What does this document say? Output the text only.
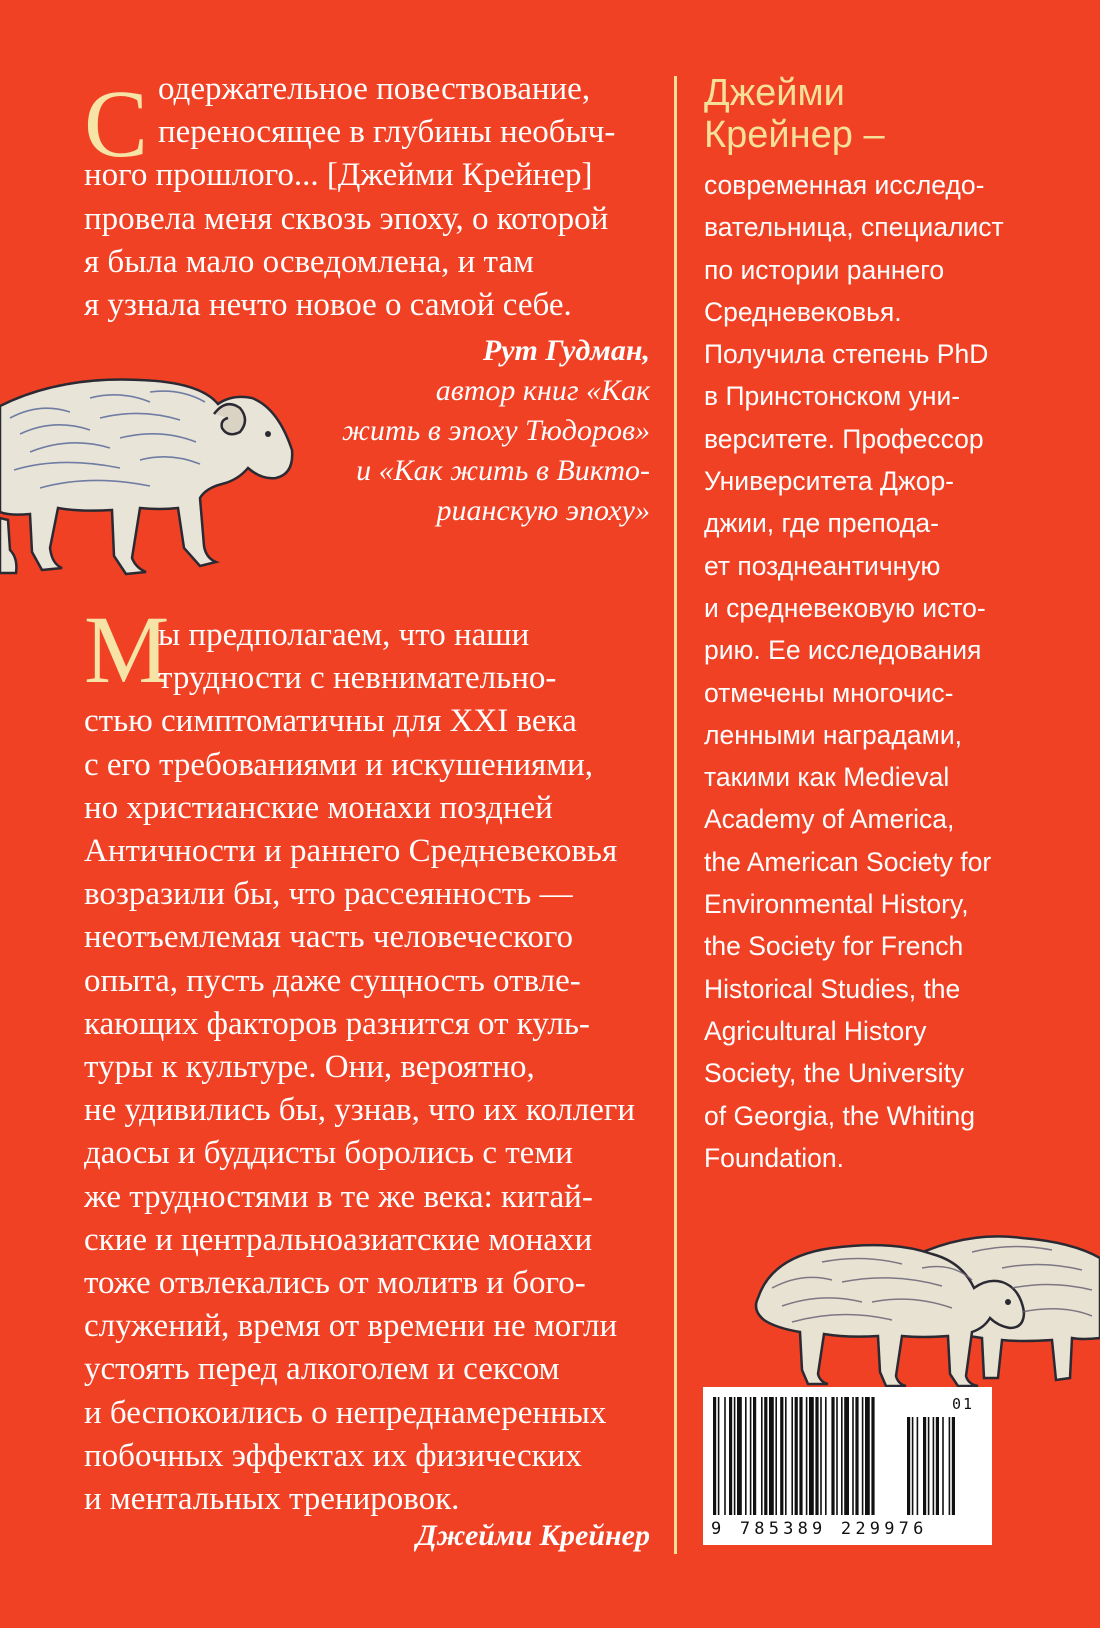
С одержательное повествование,
переносящее в глубины необыч-
ного прошлого... [Джейми Крейнер]
провела меня сквозь эпоху, о которой
я была мало осведомлена, и там
я узнала нечто новое о самой себе.

Рут Гудман,
автор книг «Как
жить в эпоху Тюдоров»
и «Как жить в Викто-
рианскую эпоху»

М

ы предполагаем, что наши
трудности с невнимательно-
стью симптоматичны для XXI века
с его требованиями и искушениями,
но христианские монахи поздней
Античности и раннего Средневековья
возразили бы, что рассеянность —
неотъемлемая часть человеческого
опыта, пусть даже сущность отвле-
кающих факторов разнится от куль-
туры к культуре. Они, вероятно,
не удивились бы, узнав, что их коллеги
даосы и буддисты боролись с теми
же трудностями в те же века: китай-
ские и центральноазиатские монахи
тоже отвлекались от молитв и бого-
служений, время от времени не могли
устоять перед алкоголем и сексом
и беспокоились о непреднамеренных
побочных эффектах их физических
и ментальных тренировок.

Джейми Крейнер

Джейми
Крейнер –

современная исследо-
вательница, специалист
по истории раннего
Средневековья.
Получила степень PhD
в Принстонском уни-
верситете. Профессор
Университета Джор-
джии, где препода-
ет позднеантичную
и средневековую исто-
рию. Ее исследования
отмечены многочис-
ленными наградами,
такими как Medieval
Academy of America,
the American Society for
Environmental History,
the Society for French
Historical Studies, the
Agricultural History
Society, the University
of Georgia, the Whiting
Foundation.

01
9 785389 229976
